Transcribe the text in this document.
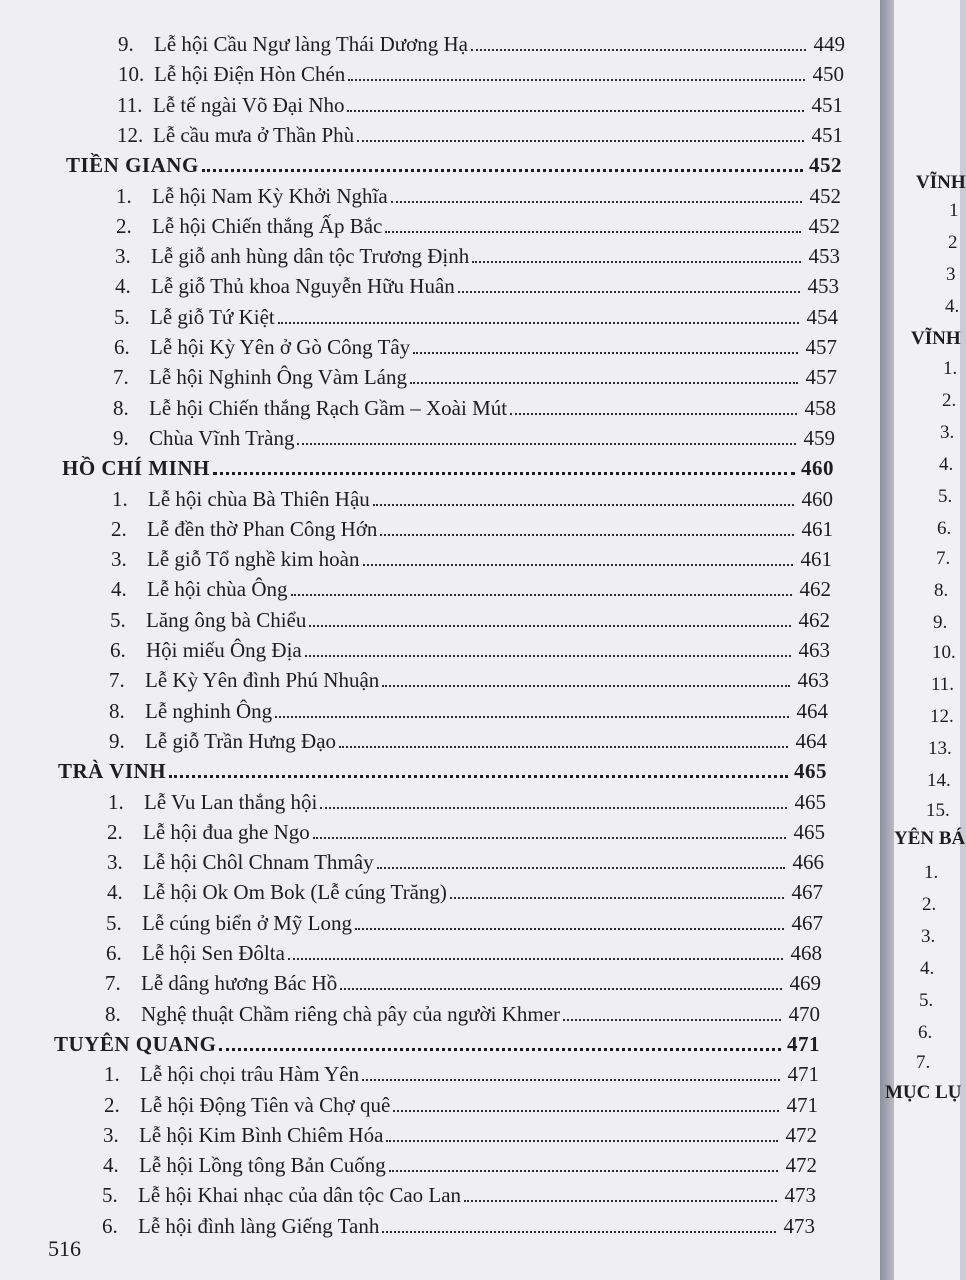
9. Lễ hội Cầu Ngư làng Thái Dương Hạ	449
10. Lễ hội Điện Hòn Chén	450
11. Lễ tế ngài Võ Đại Nho	451
12. Lễ cầu mưa ở Thần Phù	451
TIỀN GIANG	452
1. Lễ hội Nam Kỳ Khởi Nghĩa	452
2. Lễ hội Chiến thắng Ấp Bắc	452
3. Lễ giỗ anh hùng dân tộc Trương Định	453
4. Lễ giỗ Thủ khoa Nguyễn Hữu Huân	453
5. Lễ giỗ Tứ Kiệt	454
6. Lễ hội Kỳ Yên ở Gò Công Tây	457
7. Lễ hội Nghinh Ông Vàm Láng	457
8. Lễ hội Chiến thắng Rạch Gầm – Xoài Mút	458
9. Chùa Vĩnh Tràng	459
HỒ CHÍ MINH	460
1. Lễ hội chùa Bà Thiên Hậu	460
2. Lễ đền thờ Phan Công Hớn	461
3. Lễ giỗ Tổ nghề kim hoàn	461
4. Lễ hội chùa Ông	462
5. Lăng ông bà Chiểu	462
6. Hội miếu Ông Địa	463
7. Lễ Kỳ Yên đình Phú Nhuận	463
8. Lễ nghinh Ông	464
9. Lễ giỗ Trần Hưng Đạo	464
TRÀ VINH	465
1. Lễ Vu Lan thắng hội	465
2. Lễ hội đua ghe Ngo	465
3. Lễ hội Chôl Chnam Thmây	466
4. Lễ hội Ok Om Bok (Lễ cúng Trăng)	467
5. Lễ cúng biển ở Mỹ Long	467
6. Lễ hội Sen Đôlta	468
7. Lễ dâng hương Bác Hồ	469
8. Nghệ thuật Chầm riêng chà pây của người Khmer	470
TUYÊN QUANG	471
1. Lễ hội chọi trâu Hàm Yên	471
2. Lễ hội Động Tiên và Chợ quê	471
3. Lễ hội Kim Bình Chiêm Hóa	472
4. Lễ hội Lồng tông Bản Cuống	472
5. Lễ hội Khai nhạc của dân tộc Cao Lan	473
6. Lễ hội đình làng Giếng Tanh	473
516
VĨNH
1
2
3
4.
VĨNH
1.
2.
3.
4.
5.
6.
7.
8.
9.
10.
11.
12.
13.
14.
15.
YÊN BÁ
1.
2.
3.
4.
5.
6.
7.
MỤC LỤ
